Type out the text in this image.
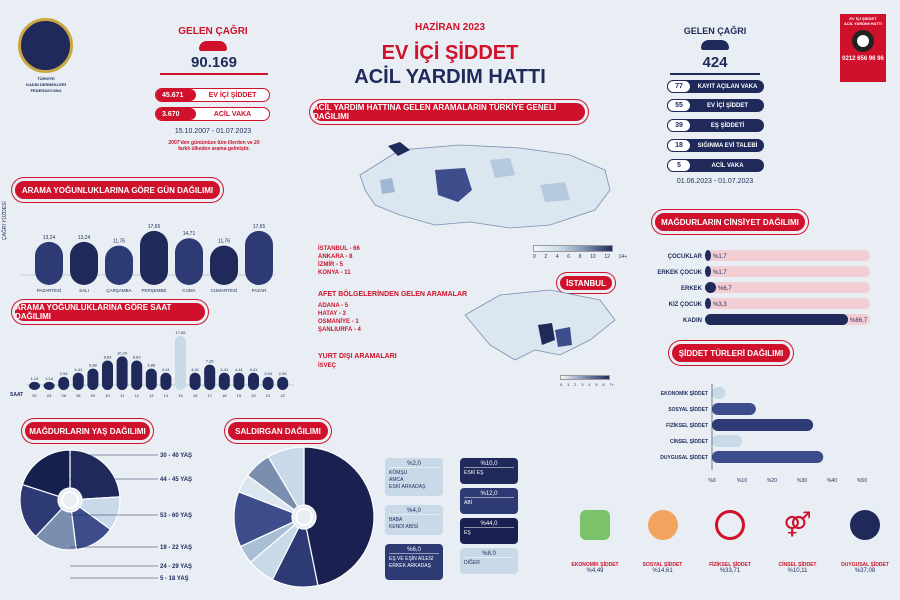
TÜRKİYE
KADIN DERNEKLERİ
FEDERASYONU
GELEN ÇAĞRI
90.169
45.671	EV İÇİ ŞİDDET
3.670	ACİL VAKA
15.10.2007 - 01.07.2023
2007'den günümüze tüm illerden ve 20 farklı ülkeden arama gelmiştir.
HAZİRAN 2023
EV İÇİ ŞİDDET
ACİL YARDIM HATTI
EV İÇİ ŞİDDET
ACİL YARDIM HATTI
0212 656 96 96
GELEN ÇAĞRI
424
77	KAYIT AÇILAN VAKA
55	EV İÇİ ŞİDDET
39	EŞ ŞİDDETİ
18	SIĞINMA EVİ TALEBİ
5	ACİL VAKA
01.06.2023 - 01.07.2023
ACİL YARDIM HATTINA GELEN ARAMALARIN TÜRKİYE GENELİ DAĞILIMI
0 2 4 6 8 10 12 14+
İSTANBUL - 66
ANKARA - 8
İZMİR - 5
KONYA - 11
AFET BÖLGELERİNDEN GELEN ARAMALAR
ADANA - 5
HATAY - 3
OSMANİYE - 1
ŞANLIURFA - 4
YURT DIŞI ARAMALARI
İSVEÇ
İSTANBUL
0 1 2 3 4 5 6 7+
ARAMA YOĞUNLUKLARINA GÖRE GÜN DAĞILIMI
ÇAĞRI YÜZDESİ	13,24
PAZARTESİ
13,24
SALI
11,76
ÇARŞAMBA
17,65
PERŞEMBE
14,71
CUMA
11,76
CUMARTESİ
17,65
PAZAR
ARAMA YOĞUNLUKLARINA GÖRE SAAT DAĞILIMI
SAAT
1,14
00
1,14
03
2,94
06
4,41
08
5,88
09
8,83
10
10,29
11
8,83
12
5,88
13
4,41
14
17,65
15
4,41
16
7,35
17
4,41
18
4,41
19
4,41
20
2,94
21
2,94
22
MAĞDURLARIN CİNSİYET DAĞILIMI
ÇOCUKLAR %1,7
ERKEK ÇOCUK %1,7
ERKEK	%6,7
KIZ ÇOCUK %3,3
KADIN	%86,7
ŞİDDET TÜRLERİ DAĞILIMI
EKONOMİK ŞİDDET
SOSYAL ŞİDDET
FİZİKSEL ŞİDDET
CİNSEL ŞİDDET
DUYGUSAL ŞİDDET
%0	%10	%20	%30	%40	%50
MAĞDURLARIN YAŞ DAĞILIMI
30 - 40 YAŞ
44 - 45 YAŞ
53 - 60 YAŞ
19 - 22 YAŞ
24 - 29 YAŞ
5 - 18 YAŞ
SALDIRGAN DAĞILIMI
%2,0
KÖMŞU
AMCA
ESKİ ARKADAŞ
%10,0
ESKİ EŞ
%4,0
BABA
KENDİ ABİSİ
%12,0
ABİ
%44,0
EŞ
%6,0
EŞ VE EŞİN AİLESİ
ERKEK ARKADAŞ
%8,0
DİĞER	EKONOMİK ŞİDDET
%4,49
SOSYAL ŞİDDET
%14,61
FİZİKSEL ŞİDDET
%33,71
⚤
CİNSEL ŞİDDET
%10,11
DUYGUSAL ŞİDDET
%37,08
